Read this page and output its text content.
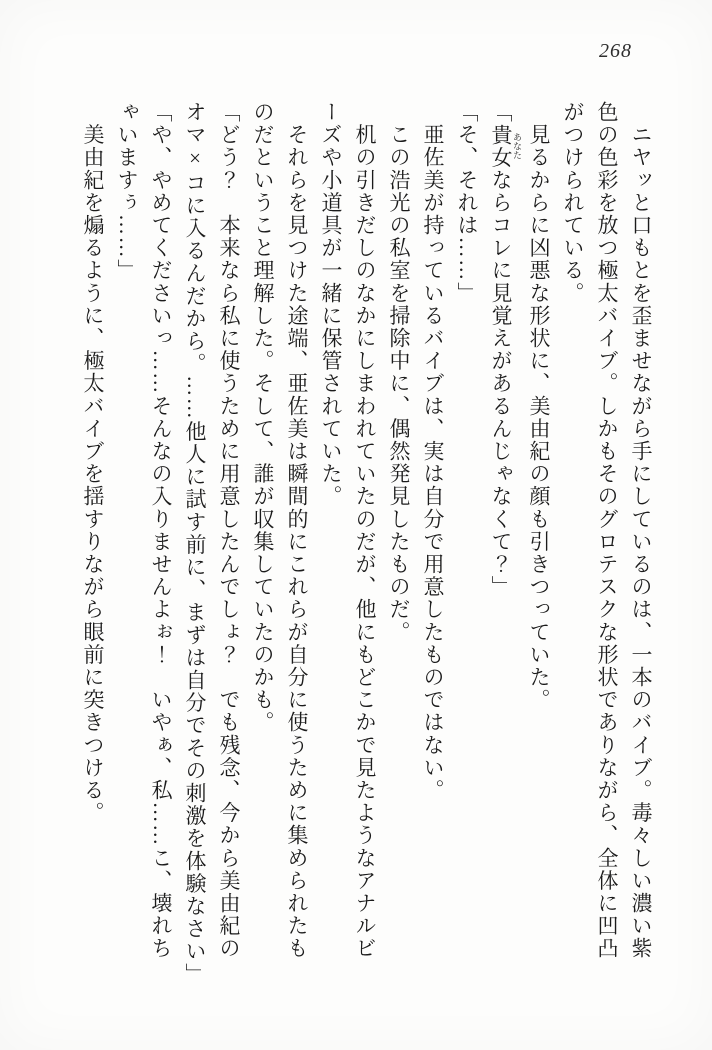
268

　ニヤッと口もとを歪ませながら手にしているのは、一本のバイブ。毒々しい濃い紫

色の色彩を放つ極太バイブ。しかもそのグロテスクな形状でありながら、全体に凹凸

がつけられている。

　見るからに凶悪な形状に、美由紀の顔も引きつっていた。

「貴女 あなたならコレに見覚えがあるんじゃなくて？」

「そ、それは……」

　亜佐美が持っているバイブは、実は自分で用意したものではない。

　この浩光の私室を掃除中に、偶然発見したものだ。

　机の引きだしのなかにしまわれていたのだが、他にもどこかで見たようなアナルビ

ーズや小道具が一緒に保管されていた。

　それらを見つけた途端、亜佐美は瞬間的にこれらが自分に使うために集められたも

のだということ理解した。そして、誰が収集していたのかも。

「どう？　本来なら私に使うために用意したんでしょ？　でも残念、今から美由紀の

オマ×コに入るんだから。……他人に試す前に、まずは自分でその刺激を体験なさい」

「や、やめてくださいっ……そんなの入りませんよぉ！　いやぁ、私……こ、壊れち

ゃいますぅ……」

　美由紀を煽るように、極太バイブを揺すりながら眼前に突きつける。
